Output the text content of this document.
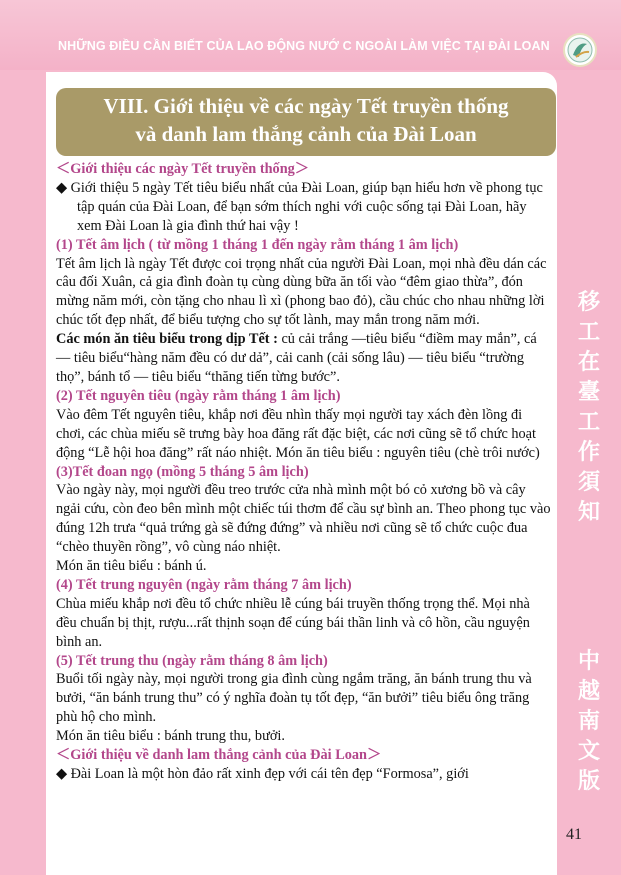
NHỮNG ĐIỀU CẦN BIẾT CỦA LAO ĐỘNG NƯỚ C NGOÀI LÀM VIỆC TẠI ĐÀI LOAN
VIII. Giới thiệu về các ngày Tết truyền thống
và danh lam thắng cảnh của Đài Loan
移
工
在
臺
工
作
須
知
中
越
南
文
版

＜Giới thiệu các ngày Tết truyền thống＞

◆ Giới thiệu 5 ngày Tết tiêu biểu nhất của Đài Loan, giúp bạn hiểu hơn về phong tục tập quán của Đài Loan, để bạn sớm thích nghi với cuộc sống tại Đài Loan, hãy xem Đài Loan là gia đình thứ hai vậy !

(1) Tết âm lịch ( từ mồng 1 tháng 1 đến ngày rằm tháng 1 âm lịch)

Tết âm lịch là ngày Tết được coi trọng nhất của người Đài Loan, mọi nhà đều dán các câu đối Xuân, cả gia đình đoàn tụ cùng dùng bữa ăn tối vào “đêm giao thừa”, đón mừng năm mới, còn tặng cho nhau lì xì (phong bao đỏ), cầu chúc cho nhau những lời chúc tốt đẹp nhất, để biểu tượng cho sự tốt lành, may mắn trong năm mới.

Các món ăn tiêu biểu trong dịp Tết : củ cải trắng —tiêu biểu “điềm may mắn”, cá — tiêu biểu“hàng năm đều có dư dả”, cải canh (cải sống lâu) — tiêu biểu “trường thọ”, bánh tổ — tiêu biểu “thăng tiến từng bước”.

(2) Tết nguyên tiêu (ngày rằm tháng 1 âm lịch)

Vào đêm Tết nguyên tiêu, khắp nơi đều nhìn thấy mọi người tay xách đèn lồng đi chơi, các chùa miếu sẽ trưng bày hoa đăng rất đặc biệt, các nơi cũng sẽ tổ chức hoạt động “Lễ hội hoa đăng” rất náo nhiệt. Món ăn tiêu biểu : nguyên tiêu (chè trôi nước)

(3)Tết đoan ngọ (mồng 5 tháng 5 âm lịch)

Vào ngày này, mọi người đều treo trước cửa nhà mình một bó cỏ xương bồ và cây ngải cứu, còn đeo bên mình một chiếc túi thơm để cầu sự bình an. Theo phong tục vào đúng 12h trưa “quả trứng gà sẽ đứng đứng” và nhiều nơi cũng sẽ tổ chức cuộc đua “chèo thuyền rồng”, vô cùng náo nhiệt.

Món ăn tiêu biểu : bánh ú.

(4) Tết trung nguyên (ngày rằm tháng 7 âm lịch)

Chùa miếu khắp nơi đều tổ chức nhiều lễ cúng bái truyền thống trọng thể. Mọi nhà đều chuẩn bị thịt, rượu...rất thịnh soạn để cúng bái thần linh và cô hồn, cầu nguyện bình an.

(5) Tết trung thu (ngày rằm tháng 8 âm lịch)

Buổi tối ngày này, mọi người trong gia đình cùng ngắm trăng, ăn bánh trung thu và bưởi, “ăn bánh trung thu” có ý nghĩa đoàn tụ tốt đẹp, “ăn bưởi” tiêu biểu ông trăng phù hộ cho mình.

Món ăn tiêu biểu : bánh trung thu, bưởi.

＜Giới thiệu về danh lam thắng cảnh của Đài Loan＞

◆ Đài Loan là một hòn đảo rất xinh đẹp với cái tên đẹp “Formosa”, giới

41
